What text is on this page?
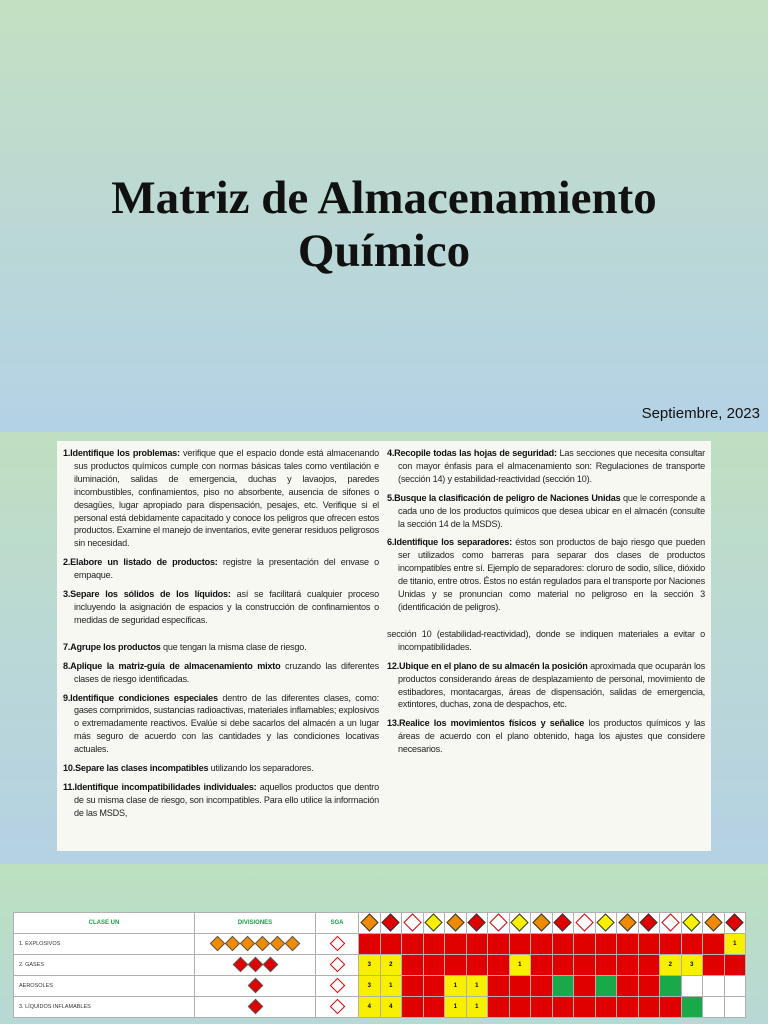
Matriz de Almacenamiento
Químico
Septiembre, 2023

1.Identifique los problemas: verifique que el espacio donde está almacenando sus productos químicos cumple con normas básicas tales como ventilación e iluminación, salidas de emergencia, duchas y lavaojos, paredes incombustibles, confinamientos, piso no absorbente, ausencia de sifones o desagües, lugar apropiado para dispensación, pesajes, etc. Verifique si el personal está debidamente capacitado y conoce los peligros que ofrecen estos productos. Examine el manejo de inventarios, evite generar residuos peligrosos sin necesidad.

2.Elabore un listado de productos: registre la presentación del envase o empaque.

3.Separe los sólidos de los líquidos: así se facilitará cualquier proceso incluyendo la asignación de espacios y la construcción de confinamientos o medidas de seguridad específicas.

7.Agrupe los productos que tengan la misma clase de riesgo.

8.Aplique la matriz-guía de almacenamiento mixto cruzando las diferentes clases de riesgo identificadas.

9.Identifique condiciones especiales dentro de las diferentes clases, como: gases comprimidos, sustancias radioactivas, materiales inflamables; explosivos o extremadamente reactivos. Evalúe si debe sacarlos del almacén a un lugar más seguro de acuerdo con las cantidades y las condiciones locativas actuales.

10.Separe las clases incompatibles utilizando los separadores.

11.Identifique incompatibilidades individuales: aquellos productos que dentro de su misma clase de riesgo, son incompatibles. Para ello utilice la información de las MSDS,

4.Recopile todas las hojas de seguridad: Las secciones que necesita consultar con mayor énfasis para el almacenamiento son: Regulaciones de transporte (sección 14) y estabilidad-reactividad (sección 10).

5.Busque la clasificación de peligro de Naciones Unidas que le corresponde a cada uno de los productos químicos que desea ubicar en el almacén (consulte la sección 14 de la MSDS).

6.Identifique los separadores: éstos son productos de bajo riesgo que pueden ser utilizados como barreras para separar dos clases de productos incompatibles entre sí. Ejemplo de separadores: cloruro de sodio, sílice, dióxido de titanio, entre otros. Éstos no están regulados para el transporte por Naciones Unidas y se pronuncian como material no peligroso en la sección 3 (identificación de peligros).

sección 10 (estabilidad-reactividad), donde se indiquen materiales a evitar o incompatibilidades.

12.Ubique en el plano de su almacén la posición aproximada que ocuparán los productos considerando áreas de desplazamiento de personal, movimiento de estibadores, montacargas, áreas de dispensación, salidas de emergencia, extintores, duchas, zona de despachos, etc.

13.Realice los movimientos físicos y señalice los productos químicos y las áreas de acuerdo con el plano obtenido, haga los ajustes que considere necesarios.

CLASE UN	DIVISIONES	SGA																		
1. EXPLOSIVOS																				1
2. GASES			3	2						1							2	3		
AEROSOLES			3	1			1	1												
3. LÍQUIDOS INFLAMABLES			4	4			1	1												
